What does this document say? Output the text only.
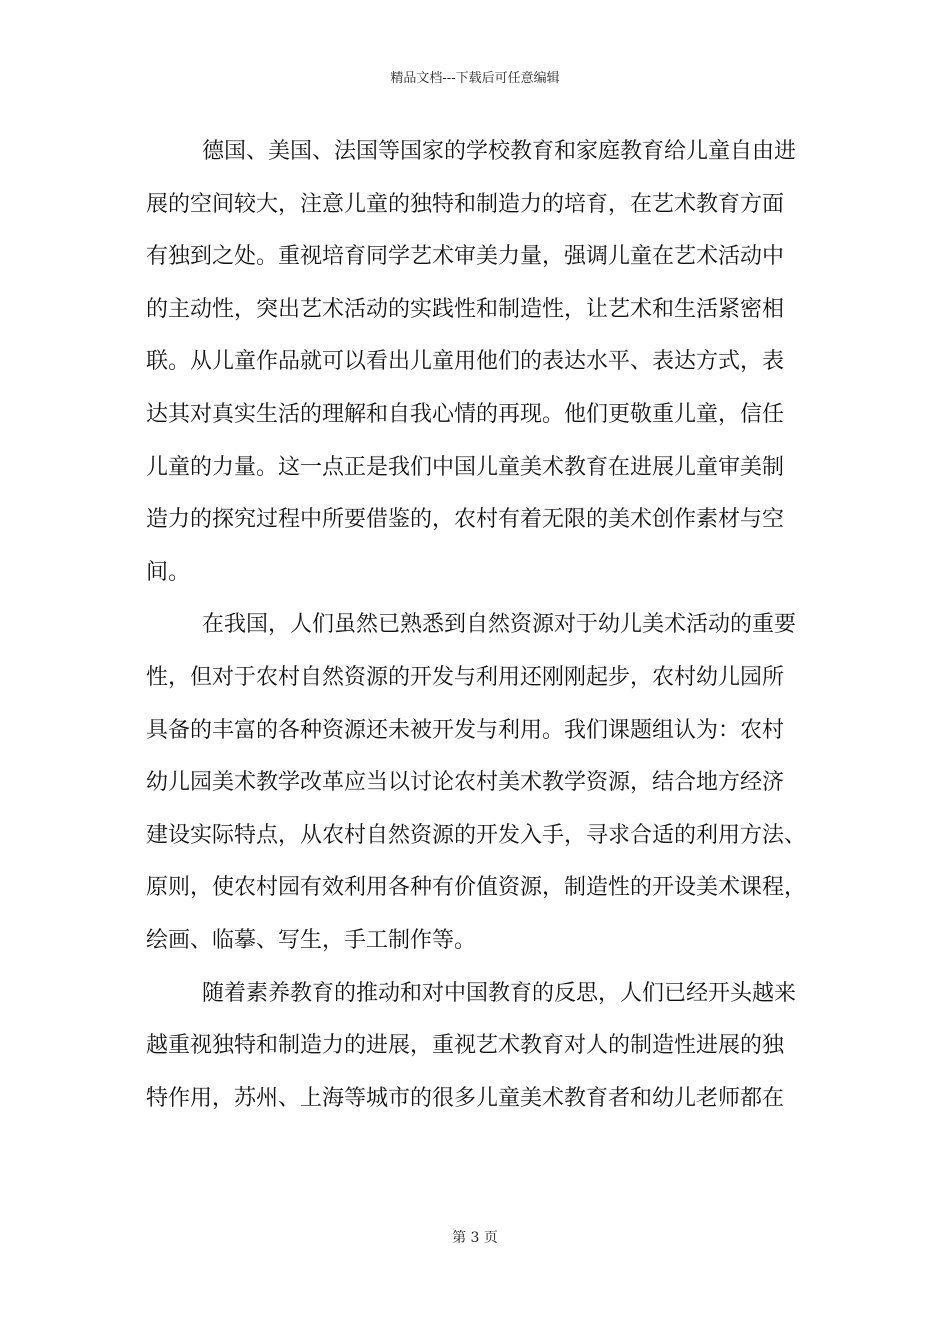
精品文档---下载后可任意编辑
德国、美国、法国等国家的学校教育和家庭教育给儿童自由进
展的空间较大，注意儿童的独特和制造力的培育，在艺术教育方面
有独到之处。重视培育同学艺术审美力量，强调儿童在艺术活动中
的主动性，突出艺术活动的实践性和制造性，让艺术和生活紧密相
联。从儿童作品就可以看出儿童用他们的表达水平、表达方式，表
达其对真实生活的理解和自我心情的再现。他们更敬重儿童，信任
儿童的力量。这一点正是我们中国儿童美术教育在进展儿童审美制
造力的探究过程中所要借鉴的，农村有着无限的美术创作素材与空
间。
在我国，人们虽然已熟悉到自然资源对于幼儿美术活动的重要
性，但对于农村自然资源的开发与利用还刚刚起步，农村幼儿园所
具备的丰富的各种资源还未被开发与利用。我们课题组认为：农村
幼儿园美术教学改革应当以讨论农村美术教学资源，结合地方经济
建设实际特点，从农村自然资源的开发入手，寻求合适的利用方法、
原则，使农村园有效利用各种有价值资源，制造性的开设美术课程，
绘画、临摹、写生，手工制作等。
随着素养教育的推动和对中国教育的反思，人们已经开头越来
越重视独特和制造力的进展，重视艺术教育对人的制造性进展的独
特作用，苏州、上海等城市的很多儿童美术教育者和幼儿老师都在
第 3 页
